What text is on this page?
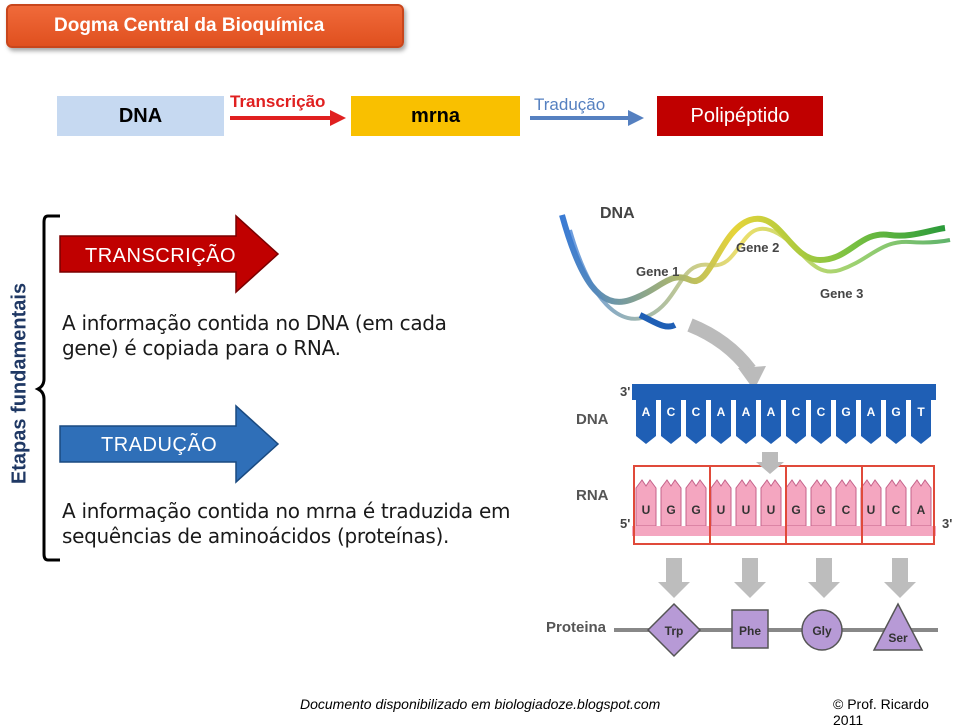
Dogma Central da Bioquímica
DNA
Transcrição
mrna	Tradução	Polipéptido
Etapas fundamentais
TRANSCRIÇÃO
TRADUÇÃO
A informação contida no DNA (em cada gene) é copiada para o RNA.
A informação contida no mrna é traduzida em sequências de aminoácidos (proteínas).
DNA
Gene 1
Gene 2
Gene 3
3'
5'	3'
A C C A A A C C G A G T
U G G U U U G G C U C A
DNA
RNA
Proteina	Trp	Phe	Gly	Ser
Documento disponibilizado em biologiadoze.blogspot.com	© Prof. Ricardo 2011
